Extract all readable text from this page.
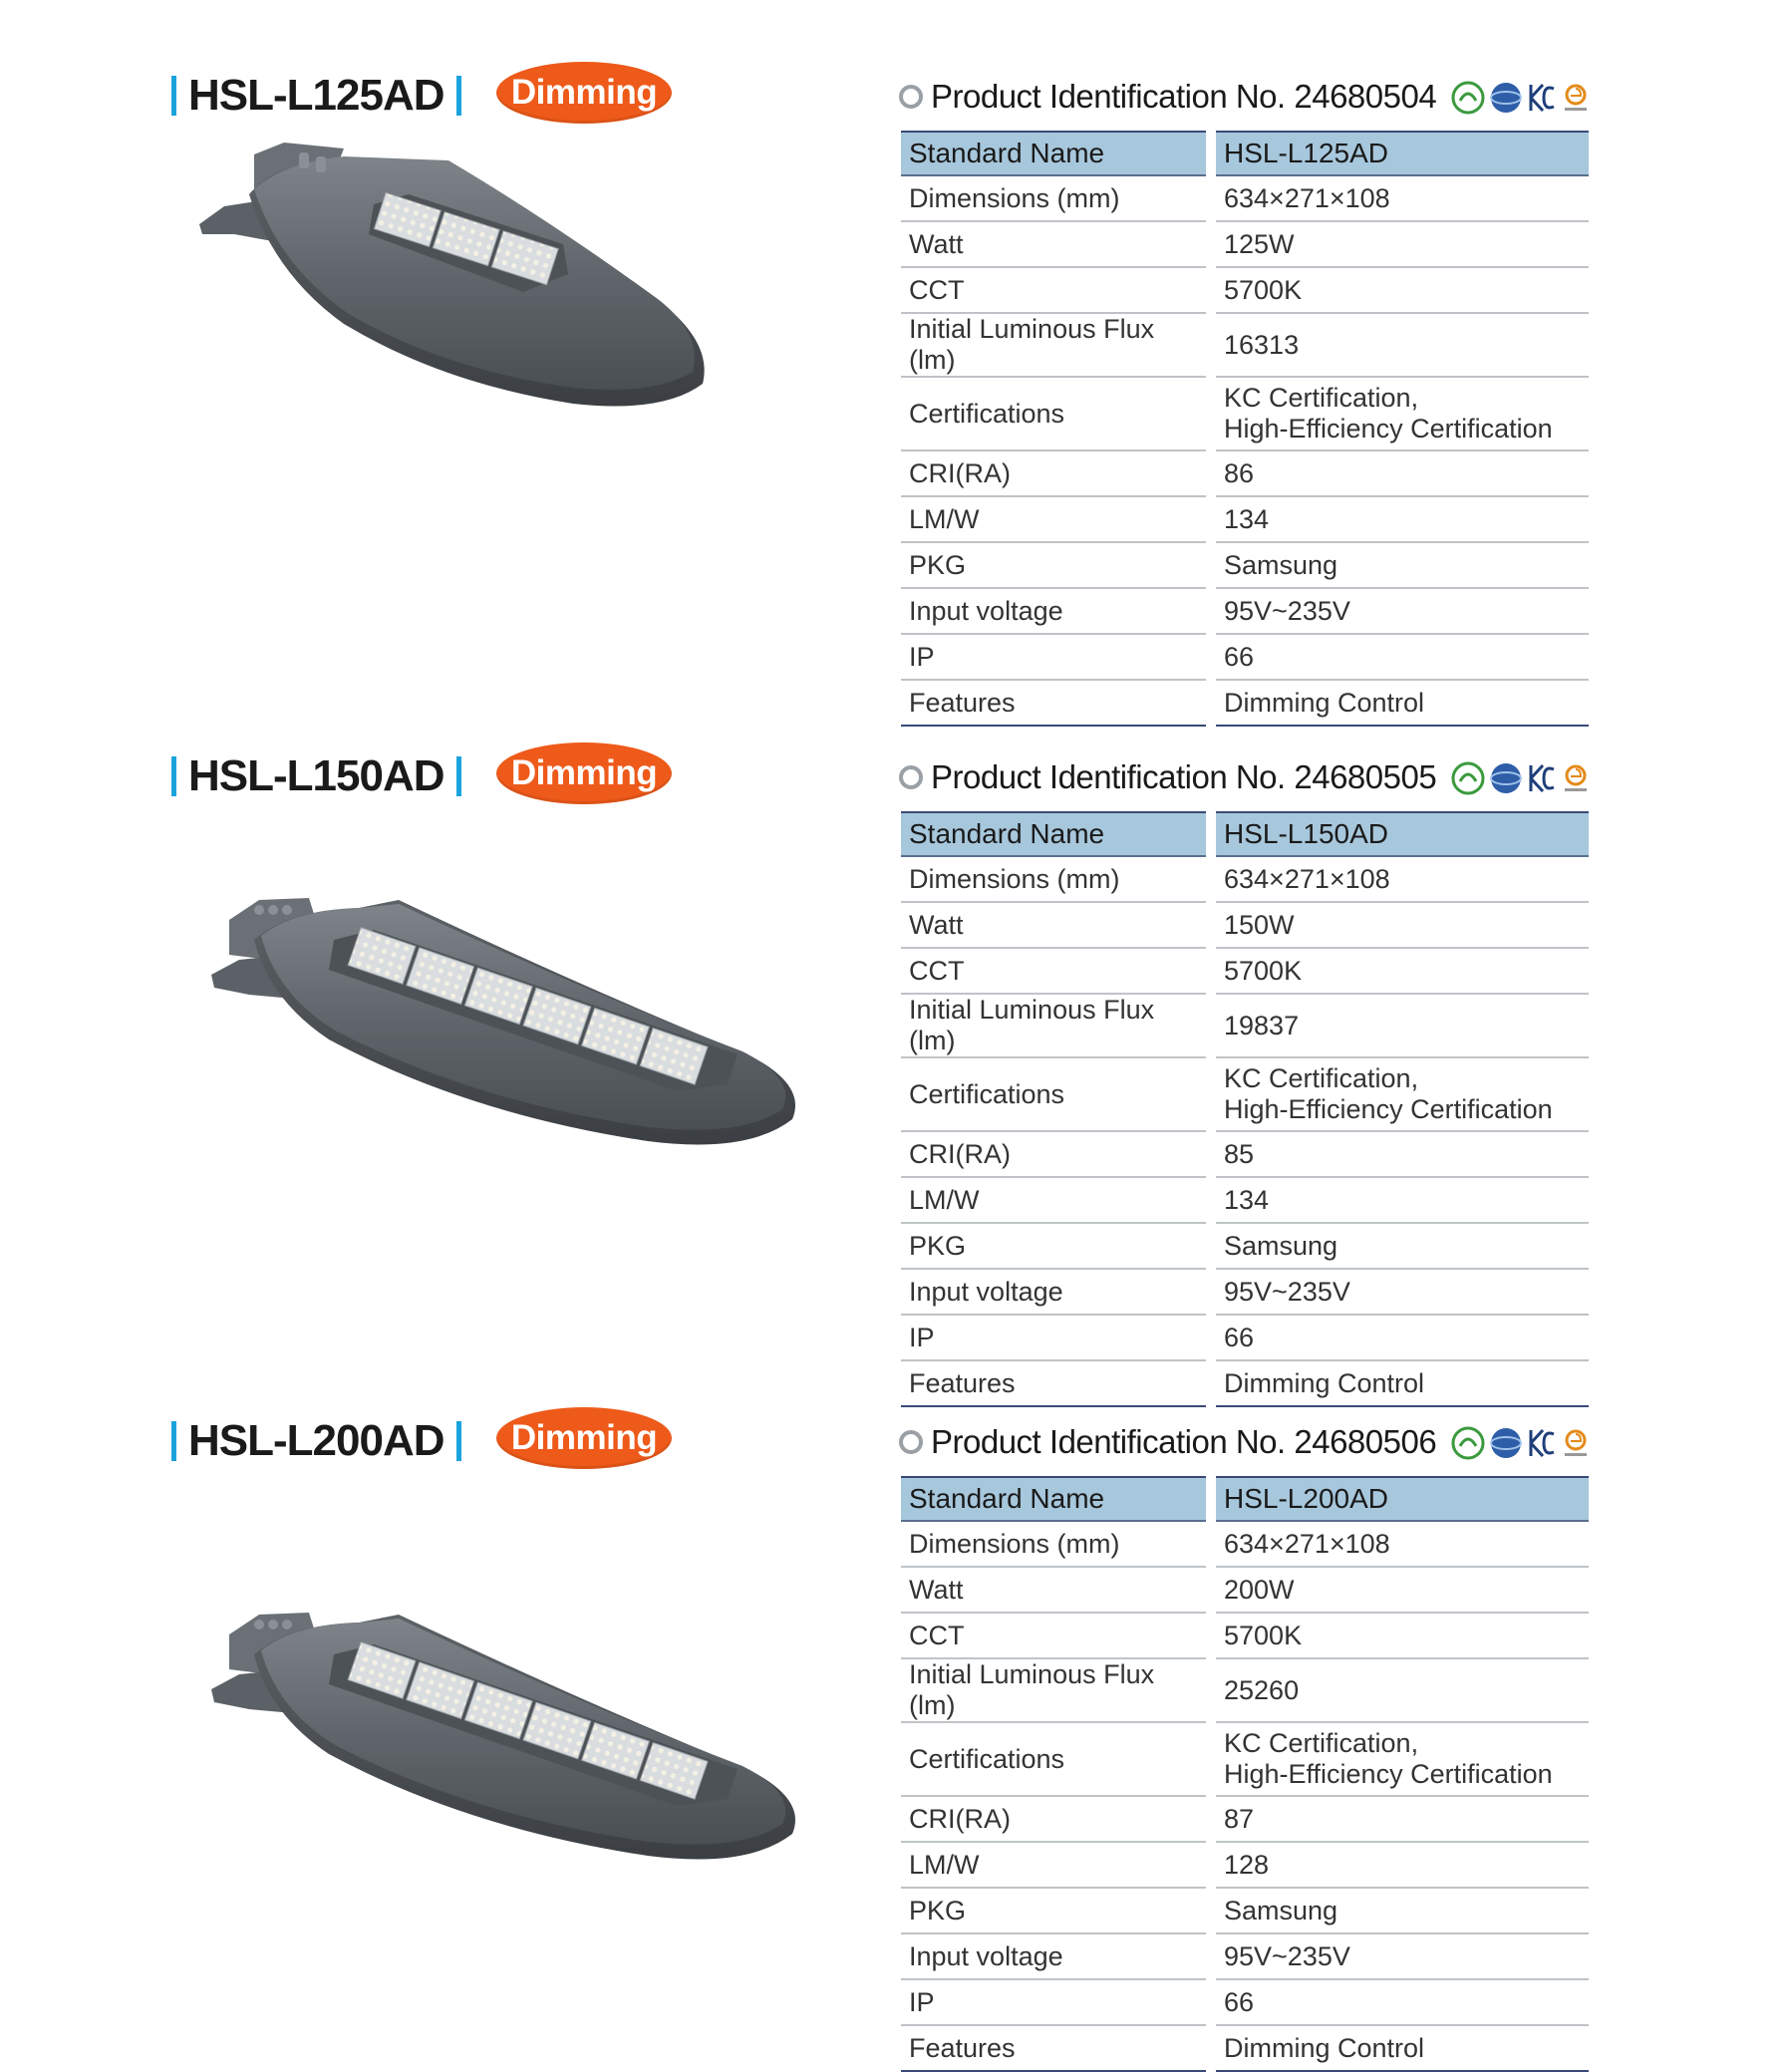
HSL-L125AD	Dimming	Product Identification No. 24680504
Standard Name		HSL-L125AD
Dimensions (mm)		634×271×108
Watt		125W
CCT		5700K
Initial Luminous Flux (lm)		16313
Certifications		KC Certification,
High-Efficiency Certification

CRI(RA)		86
LM/W		134
PKG		Samsung
Input voltage		95V~235V
IP		66
Features		Dimming Control
HSL-L150AD	Dimming	Product Identification No. 24680505
Standard Name		HSL-L150AD
Dimensions (mm)		634×271×108
Watt		150W
CCT		5700K
Initial Luminous Flux (lm)		19837
Certifications		KC Certification,
High-Efficiency Certification

CRI(RA)		85
LM/W		134
PKG		Samsung
Input voltage		95V~235V
IP		66
Features		Dimming Control
HSL-L200AD	Dimming	Product Identification No. 24680506
Standard Name		HSL-L200AD
Dimensions (mm)		634×271×108
Watt		200W
CCT		5700K
Initial Luminous Flux (lm)		25260
Certifications		KC Certification,
High-Efficiency Certification

CRI(RA)		87
LM/W		128
PKG		Samsung
Input voltage		95V~235V
IP		66
Features		Dimming Control
